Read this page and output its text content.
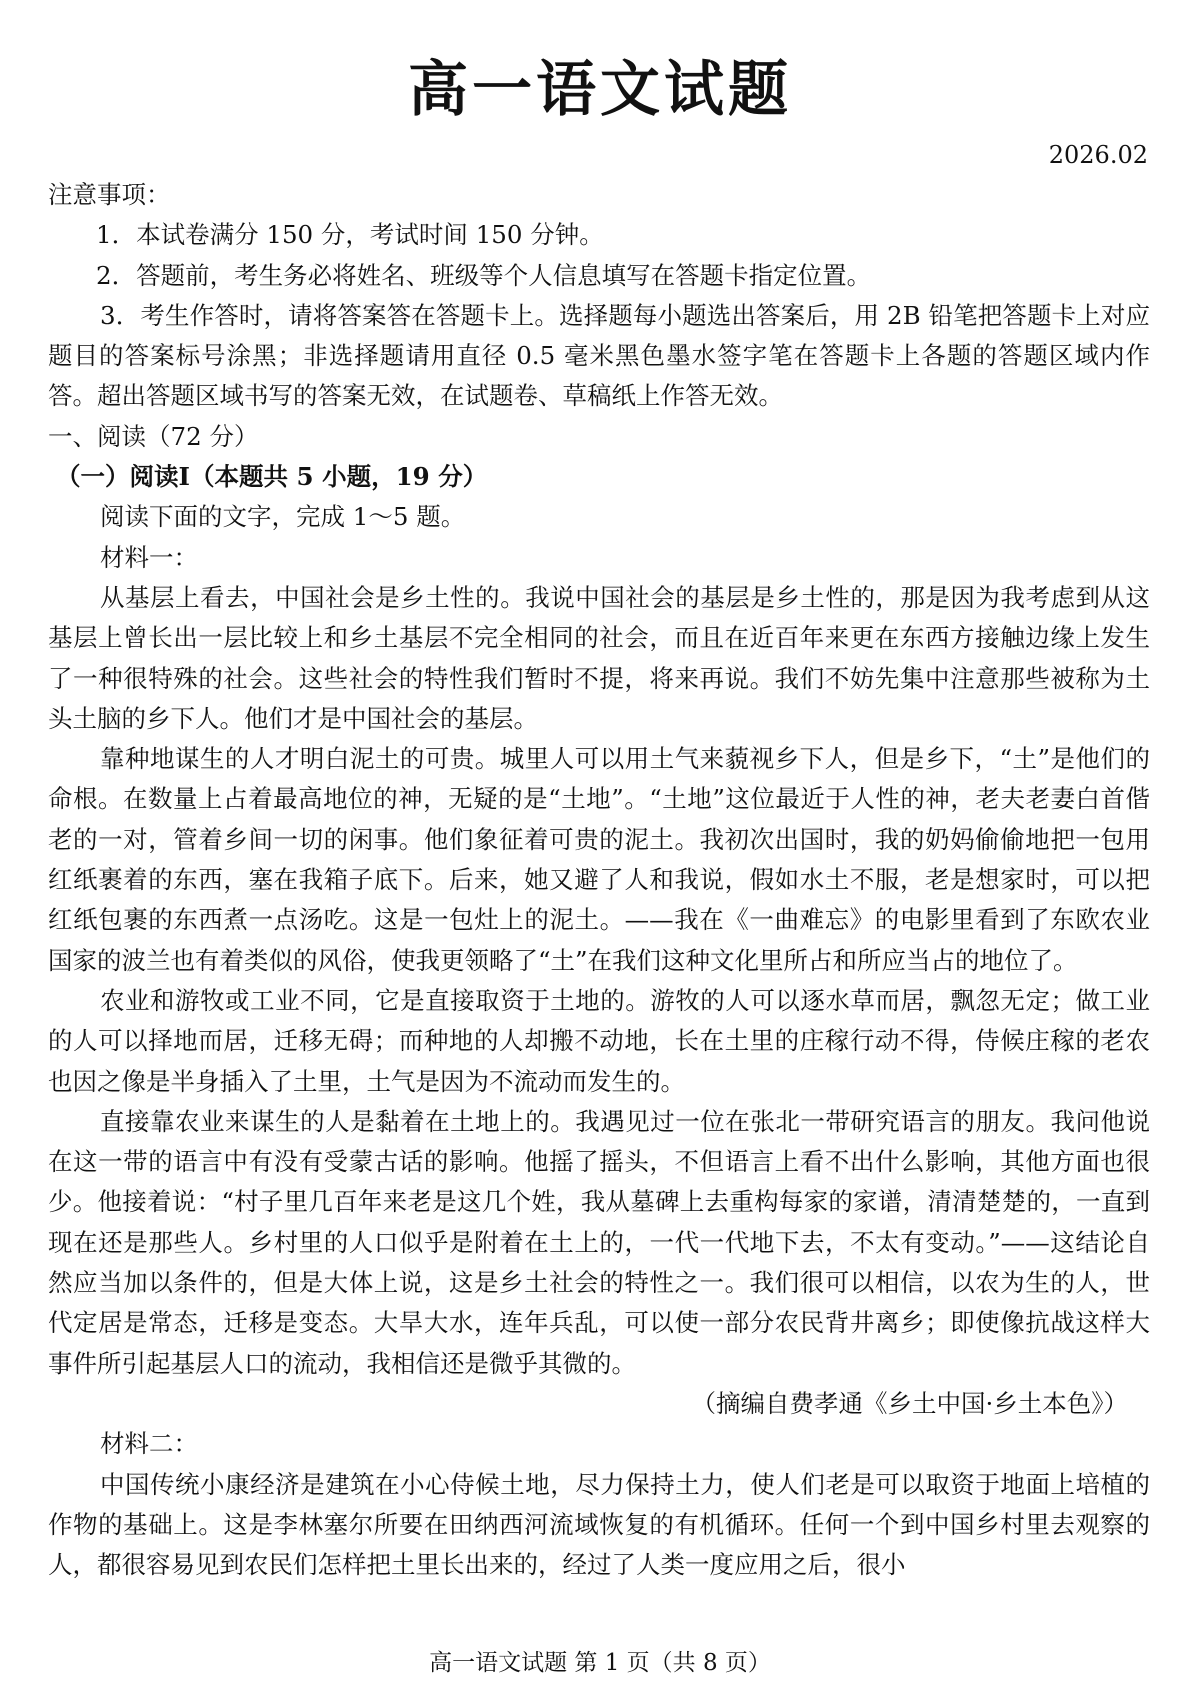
高一语文试题
2026.02

注意事项：

1．本试卷满分 150 分，考试时间 150 分钟。

2．答题前，考生务必将姓名、班级等个人信息填写在答题卡指定位置。

3．考生作答时，请将答案答在答题卡上。选择题每小题选出答案后，用 2B 铅笔把答题卡上对应题目的答案标号涂黑；非选择题请用直径 0.5 毫米黑色墨水签字笔在答题卡上各题的答题区域内作答。超出答题区域书写的答案无效，在试题卷、草稿纸上作答无效。

一、阅读（72 分）

（一）阅读I（本题共 5 小题，19 分）

阅读下面的文字，完成 1～5 题。

材料一：

从基层上看去，中国社会是乡土性的。我说中国社会的基层是乡土性的，那是因为我考虑到从这基层上曾长出一层比较上和乡土基层不完全相同的社会，而且在近百年来更在东西方接触边缘上发生了一种很特殊的社会。这些社会的特性我们暂时不提，将来再说。我们不妨先集中注意那些被称为土头土脑的乡下人。他们才是中国社会的基层。

靠种地谋生的人才明白泥土的可贵。城里人可以用土气来藐视乡下人，但是乡下，“土”是他们的命根。在数量上占着最高地位的神，无疑的是“土地”。“土地”这位最近于人性的神，老夫老妻白首偕老的一对，管着乡间一切的闲事。他们象征着可贵的泥土。我初次出国时，我的奶妈偷偷地把一包用红纸裹着的东西，塞在我箱子底下。后来，她又避了人和我说，假如水土不服，老是想家时，可以把红纸包裹的东西煮一点汤吃。这是一包灶上的泥土。——我在《一曲难忘》的电影里看到了东欧农业国家的波兰也有着类似的风俗，使我更领略了“土”在我们这种文化里所占和所应当占的地位了。

农业和游牧或工业不同，它是直接取资于土地的。游牧的人可以逐水草而居，飘忽无定；做工业的人可以择地而居，迁移无碍；而种地的人却搬不动地，长在土里的庄稼行动不得，侍候庄稼的老农也因之像是半身插入了土里，土气是因为不流动而发生的。

直接靠农业来谋生的人是黏着在土地上的。我遇见过一位在张北一带研究语言的朋友。我问他说在这一带的语言中有没有受蒙古话的影响。他摇了摇头，不但语言上看不出什么影响，其他方面也很少。他接着说：“村子里几百年来老是这几个姓，我从墓碑上去重构每家的家谱，清清楚楚的，一直到现在还是那些人。乡村里的人口似乎是附着在土上的，一代一代地下去，不太有变动。”——这结论自然应当加以条件的，但是大体上说，这是乡土社会的特性之一。我们很可以相信，以农为生的人，世代定居是常态，迁移是变态。大旱大水，连年兵乱，可以使一部分农民背井离乡；即使像抗战这样大事件所引起基层人口的流动，我相信还是微乎其微的。

（摘编自费孝通《乡土中国·乡土本色》）

材料二：

中国传统小康经济是建筑在小心侍候土地，尽力保持土力，使人们老是可以取资于地面上培植的作物的基础上。这是李林塞尔所要在田纳西河流域恢复的有机循环。任何一个到中国乡村里去观察的人，都很容易见到农民们怎样把土里长出来的，经过了人类一度应用之后，很小

高一语文试题 第 1 页（共 8 页）
